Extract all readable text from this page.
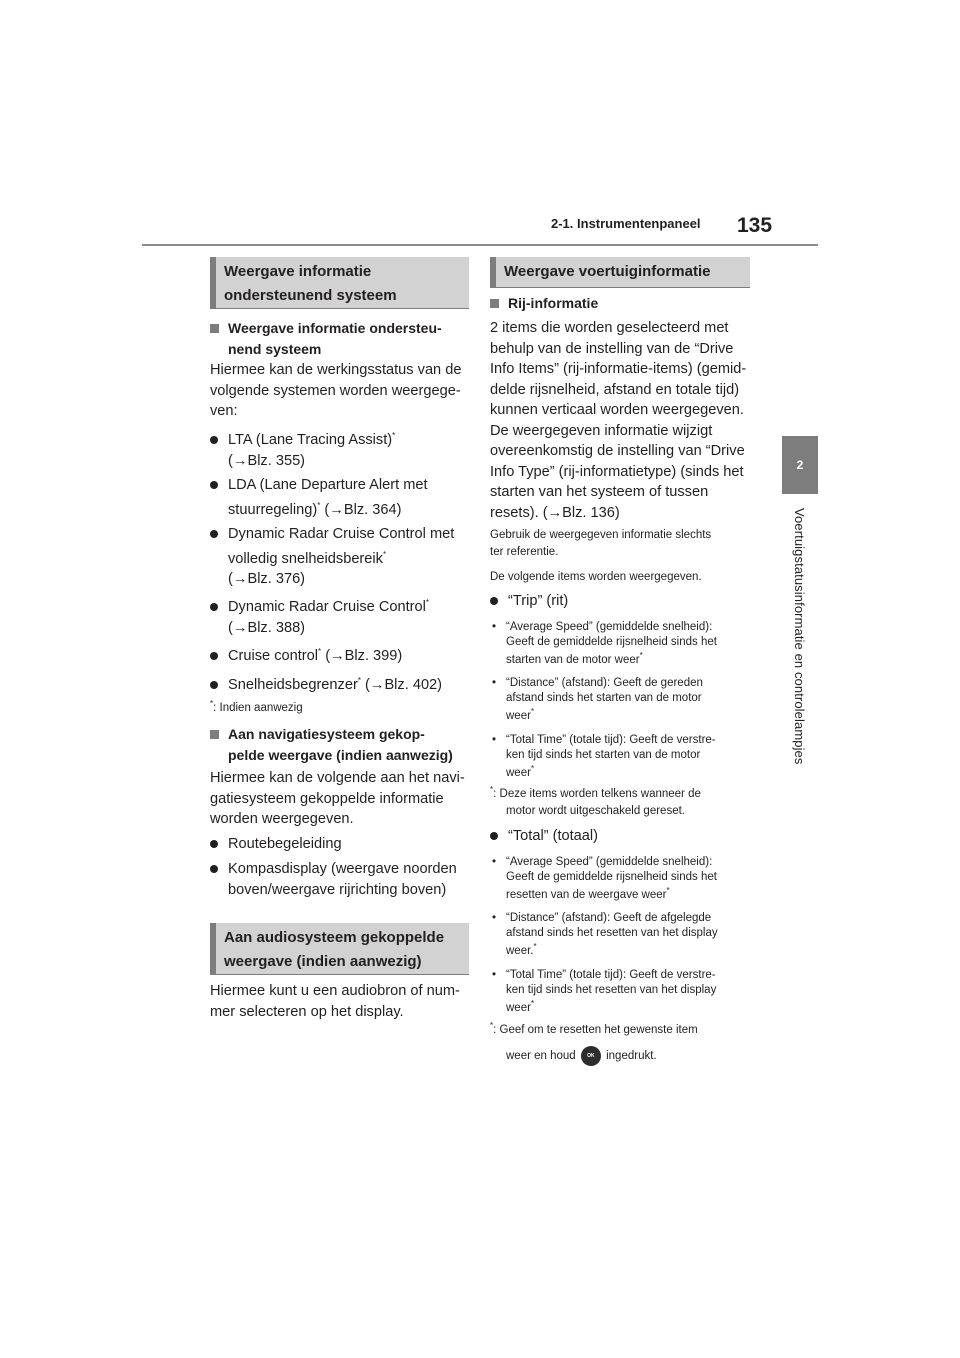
2-1. Instrumentenpaneel 135
2
Voertuigstatusinformatie en controlelampjes
Weergave informatie
ondersteunend systeem
Weergave informatie ondersteu-
nend systeem
Hiermee kan de werkingsstatus van de
volgende systemen worden weergege-
ven:
LTA (Lane Tracing Assist)*
(→Blz. 355)
LDA (Lane Departure Alert met
stuurregeling)* (→Blz. 364)
Dynamic Radar Cruise Control met
volledig snelheidsbereik*
(→Blz. 376)
Dynamic Radar Cruise Control*
(→Blz. 388)
Cruise control* (→Blz. 399)
Snelheidsbegrenzer* (→Blz. 402)
*: Indien aanwezig
Aan navigatiesysteem gekop-
pelde weergave (indien aanwezig)
Hiermee kan de volgende aan het navi-
gatiesysteem gekoppelde informatie
worden weergegeven.
Routebegeleiding
Kompasdisplay (weergave noorden
boven/weergave rijrichting boven)
Aan audiosysteem gekoppelde
weergave (indien aanwezig)
Hiermee kunt u een audiobron of num-
mer selecteren op het display.
Weergave voertuiginformatie
Rij-informatie
2 items die worden geselecteerd met
behulp van de instelling van de “Drive
Info Items” (rij-informatie-items) (gemid-
delde rijsnelheid, afstand en totale tijd)
kunnen verticaal worden weergegeven.
De weergegeven informatie wijzigt
overeenkomstig de instelling van “Drive
Info Type” (rij-informatietype) (sinds het
starten van het systeem of tussen
resets). (→Blz. 136)
Gebruik de weergegeven informatie slechts
ter referentie.
De volgende items worden weergegeven.
“Trip” (rit)
• “Average Speed” (gemiddelde snelheid):
Geeft de gemiddelde rijsnelheid sinds het
starten van de motor weer*
• “Distance” (afstand): Geeft de gereden
afstand sinds het starten van de motor
weer*
• “Total Time” (totale tijd): Geeft de verstre-
ken tijd sinds het starten van de motor
weer*
*: Deze items worden telkens wanneer de
motor wordt uitgeschakeld gereset.
“Total” (totaal)
• “Average Speed” (gemiddelde snelheid):
Geeft de gemiddelde rijsnelheid sinds het
resetten van de weergave weer*
• “Distance” (afstand): Geeft de afgelegde
afstand sinds het resetten van het display
weer.*
• “Total Time” (totale tijd): Geeft de verstre-
ken tijd sinds het resetten van het display
weer*
*: Geef om te resetten het gewenste item
weer en houd OK ingedrukt.
